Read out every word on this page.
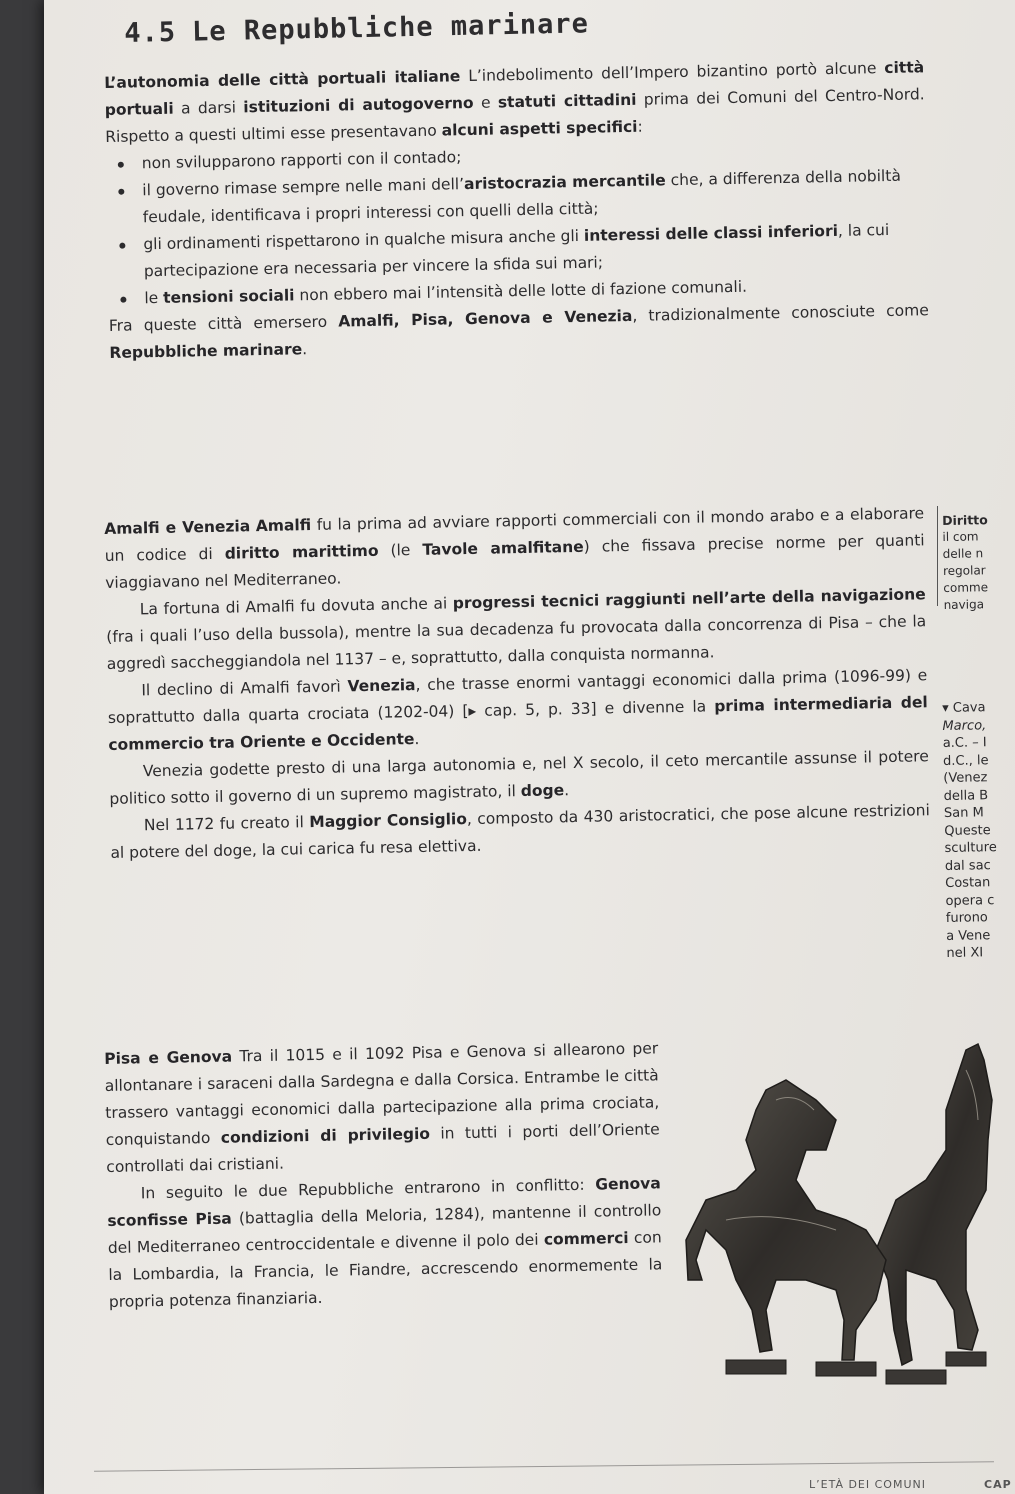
4.5 Le Repubbliche marinare

L’autonomia delle città portuali italiane L’indebolimento dell’Impero bizantino portò alcune città portuali a darsi istituzioni di autogoverno e statuti cittadini prima dei Comuni del Centro-Nord. Rispetto a questi ultimi esse presentavano alcuni aspetti specifici:

non svilupparono rapporti con il contado;
il governo rimase sempre nelle mani dell’aristocrazia mercantile che, a differenza della nobiltà feudale, identificava i propri interessi con quelli della città;
gli ordinamenti rispettarono in qualche misura anche gli interessi delle classi inferiori, la cui partecipazione era necessaria per vincere la sfida sui mari;
le tensioni sociali non ebbero mai l’intensità delle lotte di fazione comunali.

Fra queste città emersero Amalfi, Pisa, Genova e Venezia, tradizionalmente conosciute come Repubbliche marinare.

Amalfi e Venezia Amalfi fu la prima ad avviare rapporti commerciali con il mondo arabo e a elaborare un codice di diritto marittimo (le Tavole amalfitane) che fissava precise norme per quanti viaggiavano nel Mediterraneo.

La fortuna di Amalfi fu dovuta anche ai progressi tecnici raggiunti nell’arte della navigazione (fra i quali l’uso della bussola), mentre la sua decadenza fu provocata dalla concorrenza di Pisa – che la aggredì saccheggiandola nel 1137 – e, soprattutto, dalla conquista normanna.

Il declino di Amalfi favorì Venezia, che trasse enormi vantaggi economici dalla prima (1096-99) e soprattutto dalla quarta crociata (1202-04) [▸ cap. 5, p. 33] e divenne la prima intermediaria del commercio tra Oriente e Occidente.

Venezia godette presto di una larga autonomia e, nel X secolo, il ceto mercantile assunse il potere politico sotto il governo di un supremo magistrato, il doge.

Nel 1172 fu creato il Maggior Consiglio, composto da 430 aristocratici, che pose alcune restrizioni al potere del doge, la cui carica fu resa elettiva.

Pisa e Genova Tra il 1015 e il 1092 Pisa e Genova si allearono per allontanare i saraceni dalla Sardegna e dalla Corsica. Entrambe le città trassero vantaggi economici dalla partecipazione alla prima crociata, conquistando condizioni di privilegio in tutti i porti dell’Oriente controllati dai cristiani.

In seguito le due Repubbliche entrarono in conflitto: Genova sconfisse Pisa (battaglia della Meloria, 1284), mantenne il controllo del Mediterraneo centroccidentale e divenne il polo dei commerci con la Lombardia, la Francia, le Fiandre, accrescendo enormemente la propria potenza finanziaria.

Diritto
il com
delle n
regolar
comme
naviga
▾ Cava
Marco,
a.C. – I
d.C., le
(Venez
della B
San M
Queste
sculture
dal sac
Costan
opera c
furono
a Vene
nel XI
L’ETÀ DEI COMUNI	CAP
